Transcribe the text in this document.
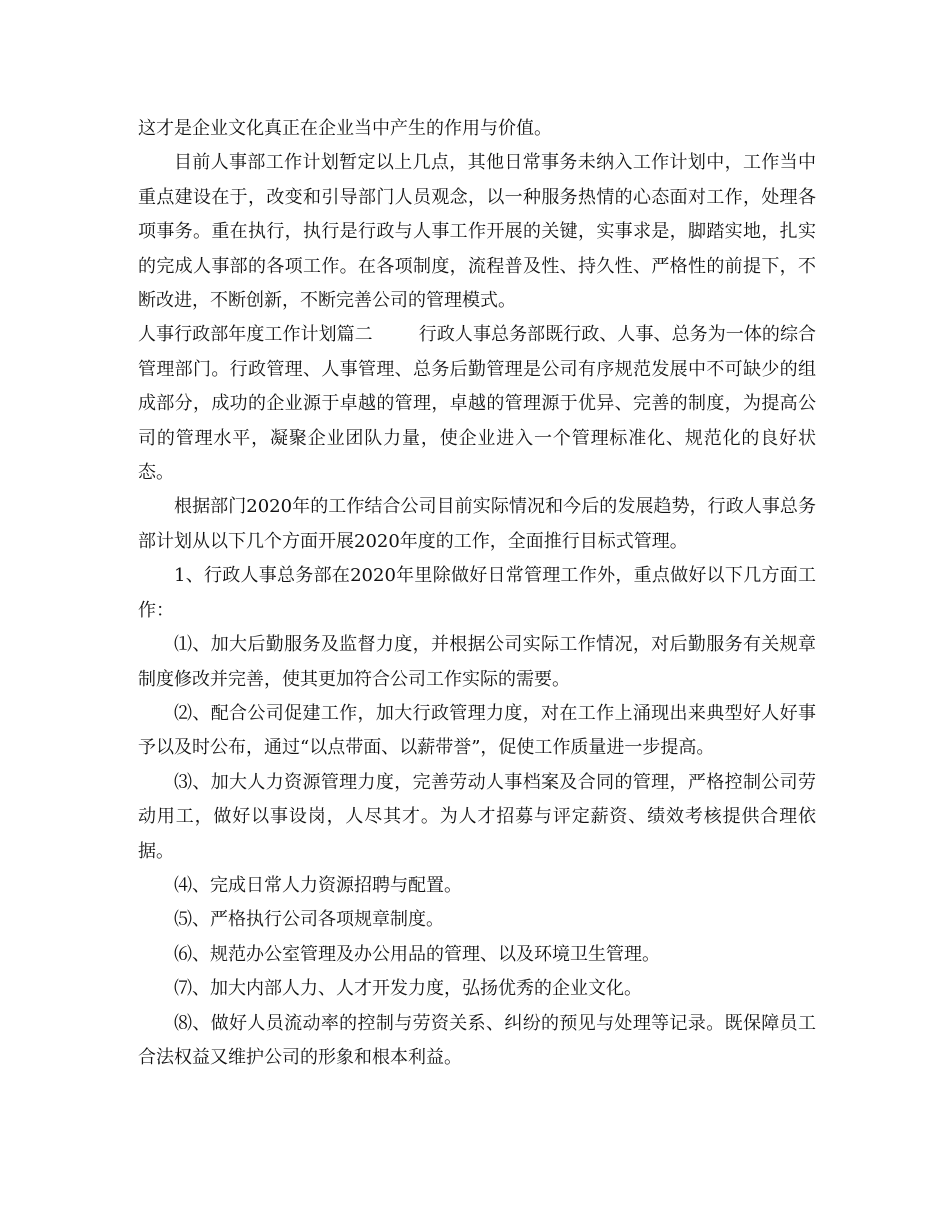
这才是企业文化真正在企业当中产生的作用与价值。

目前人事部工作计划暂定以上几点，其他日常事务未纳入工作计划中，工作当中重点建设在于，改变和引导部门人员观念，以一种服务热情的心态面对工作，处理各项事务。重在执行，执行是行政与人事工作开展的关键，实事求是，脚踏实地，扎实的完成人事部的各项工作。在各项制度，流程普及性、持久性、严格性的前提下，不断改进，不断创新，不断完善公司的管理模式。

人事行政部年度工作计划篇二	行政人事总务部既行政、人事、总务为一体的综合管理部门。行政管理、人事管理、总务后勤管理是公司有序规范发展中不可缺少的组成部分，成功的企业源于卓越的管理，卓越的管理源于优异、完善的制度，为提高公司的管理水平，凝聚企业团队力量，使企业进入一个管理标准化、规范化的良好状态。

根据部门2020年的工作结合公司目前实际情况和今后的发展趋势，行政人事总务部计划从以下几个方面开展2020年度的工作，全面推行目标式管理。

1、行政人事总务部在2020年里除做好日常管理工作外，重点做好以下几方面工作：

⑴、加大后勤服务及监督力度，并根据公司实际工作情况，对后勤服务有关规章制度修改并完善，使其更加符合公司工作实际的需要。

⑵、配合公司促建工作，加大行政管理力度，对在工作上涌现出来典型好人好事予以及时公布，通过“以点带面、以薪带誉”，促使工作质量进一步提高。

⑶、加大人力资源管理力度，完善劳动人事档案及合同的管理，严格控制公司劳动用工，做好以事设岗，人尽其才。为人才招募与评定薪资、绩效考核提供合理依据。

⑷、完成日常人力资源招聘与配置。

⑸、严格执行公司各项规章制度。

⑹、规范办公室管理及办公用品的管理、以及环境卫生管理。

⑺、加大内部人力、人才开发力度，弘扬优秀的企业文化。

⑻、做好人员流动率的控制与劳资关系、纠纷的预见与处理等记录。既保障员工合法权益又维护公司的形象和根本利益。
